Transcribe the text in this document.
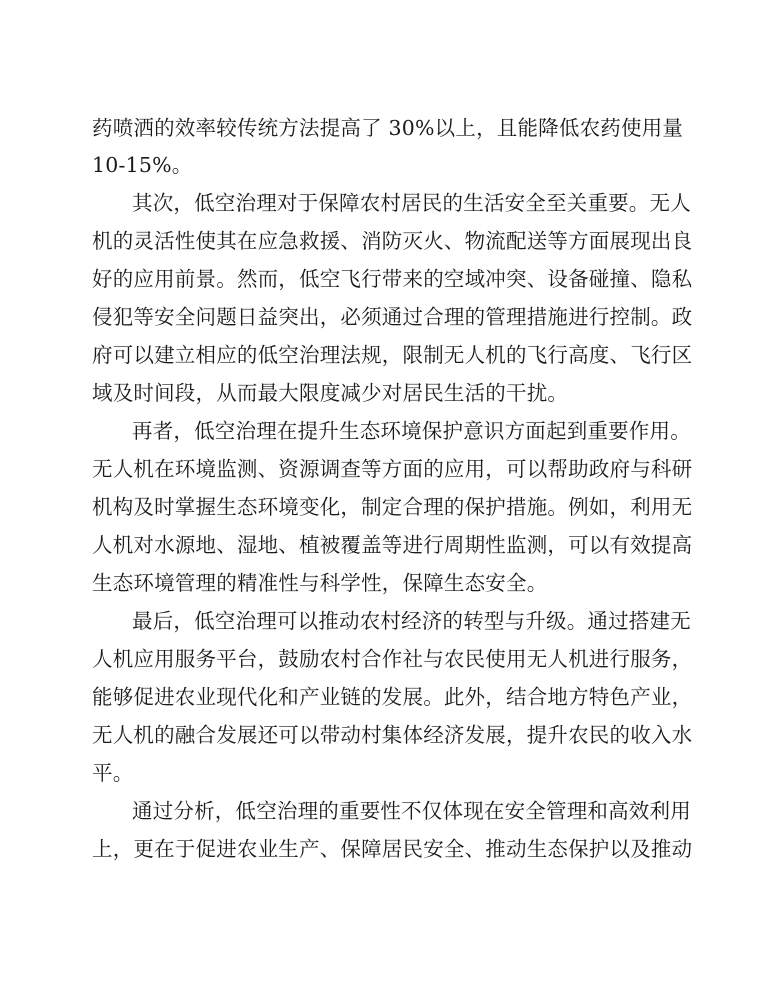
药喷洒的效率较传统方法提高了 30%以上，且能降低农药使用量
10-15%。
其次，低空治理对于保障农村居民的生活安全至关重要。无人
机的灵活性使其在应急救援、消防灭火、物流配送等方面展现出良
好的应用前景。然而，低空飞行带来的空域冲突、设备碰撞、隐私
侵犯等安全问题日益突出，必须通过合理的管理措施进行控制。政
府可以建立相应的低空治理法规，限制无人机的飞行高度、飞行区
域及时间段，从而最大限度减少对居民生活的干扰。
再者，低空治理在提升生态环境保护意识方面起到重要作用。
无人机在环境监测、资源调查等方面的应用，可以帮助政府与科研
机构及时掌握生态环境变化，制定合理的保护措施。例如，利用无
人机对水源地、湿地、植被覆盖等进行周期性监测，可以有效提高
生态环境管理的精准性与科学性，保障生态安全。
最后，低空治理可以推动农村经济的转型与升级。通过搭建无
人机应用服务平台，鼓励农村合作社与农民使用无人机进行服务，
能够促进农业现代化和产业链的发展。此外，结合地方特色产业，
无人机的融合发展还可以带动村集体经济发展，提升农民的收入水
平。
通过分析，低空治理的重要性不仅体现在安全管理和高效利用
上，更在于促进农业生产、保障居民安全、推动生态保护以及推动
